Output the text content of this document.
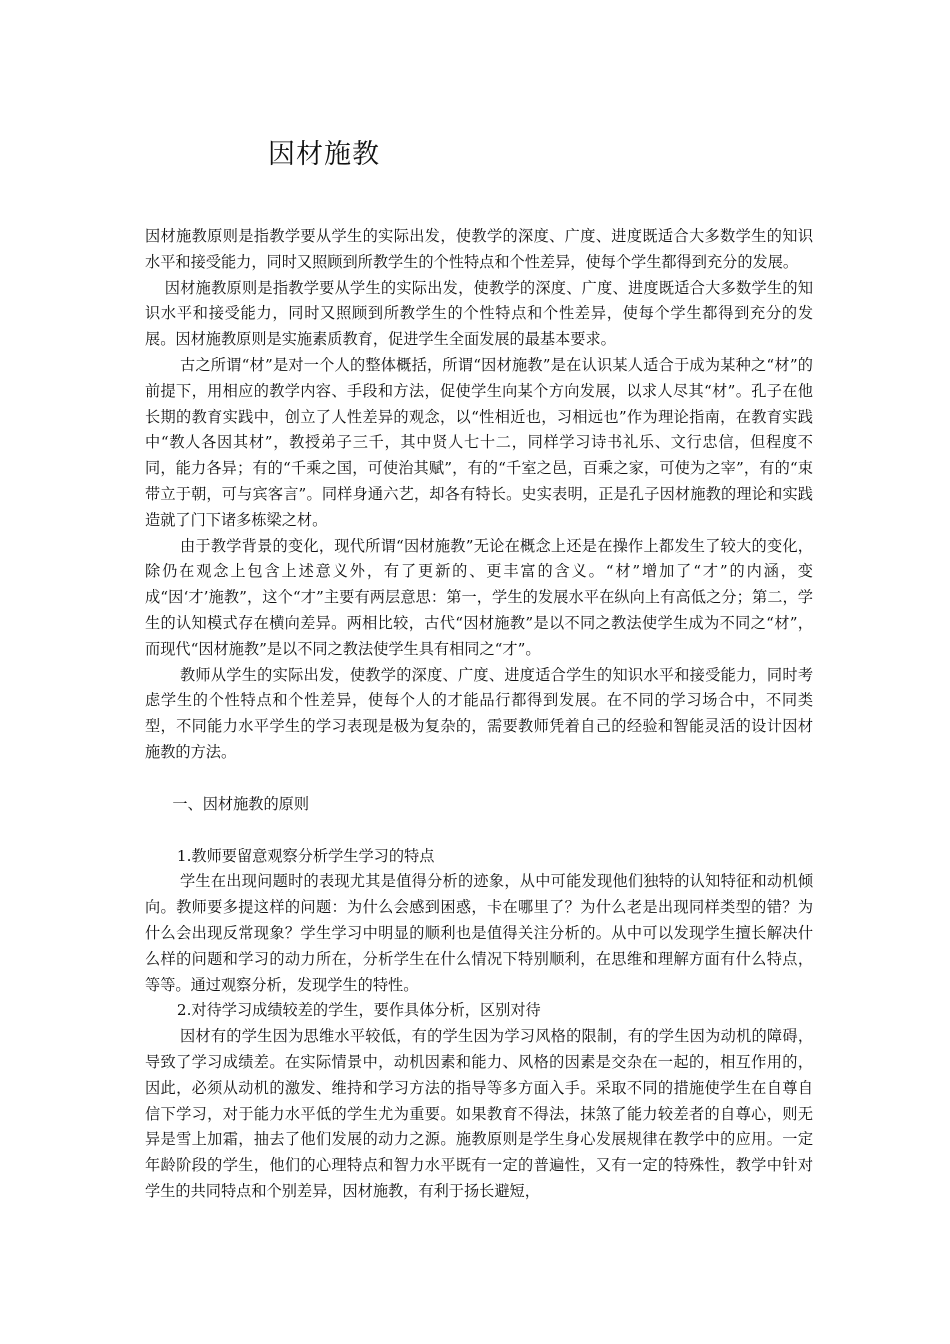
因材施教

因材施教原则是指教学要从学生的实际出发，使教学的深度、广度、进度既适合大多数学生的知识水平和接受能力，同时又照顾到所教学生的个性特点和个性差异，使每个学生都得到充分的发展。

因材施教原则是指教学要从学生的实际出发，使教学的深度、广度、进度既适合大多数学生的知识水平和接受能力，同时又照顾到所教学生的个性特点和个性差异，使每个学生都得到充分的发展。因材施教原则是实施素质教育，促进学生全面发展的最基本要求。

古之所谓“材”是对一个人的整体概括，所谓“因材施教”是在认识某人适合于成为某种之“材”的前提下，用相应的教学内容、手段和方法，促使学生向某个方向发展，以求人尽其“材”。孔子在他长期的教育实践中，创立了人性差异的观念，以“性相近也，习相远也”作为理论指南，在教育实践中“教人各因其材”，教授弟子三千，其中贤人七十二，同样学习诗书礼乐、文行忠信，但程度不同，能力各异；有的“千乘之国，可使治其赋”，有的“千室之邑，百乘之家，可使为之宰”，有的“束带立于朝，可与宾客言”。同样身通六艺，却各有特长。史实表明，正是孔子因材施教的理论和实践造就了门下诸多栋梁之材。

由于教学背景的变化，现代所谓“因材施教”无论在概念上还是在操作上都发生了较大的变化，除仍在观念上包含上述意义外，有了更新的、更丰富的含义。“材”增加了“才”的内涵，变成“因‘才’施教”，这个“才”主要有两层意思：第一，学生的发展水平在纵向上有高低之分；第二，学生的认知模式存在横向差异。两相比较，古代“因材施教”是以不同之教法使学生成为不同之“材”，而现代“因材施教”是以不同之教法使学生具有相同之“才”。

教师从学生的实际出发，使教学的深度、广度、进度适合学生的知识水平和接受能力，同时考虑学生的个性特点和个性差异，使每个人的才能品行都得到发展。在不同的学习场合中，不同类型，不同能力水平学生的学习表现是极为复杂的，需要教师凭着自己的经验和智能灵活的设计因材施教的方法。

一、因材施教的原则

1.教师要留意观察分析学生学习的特点

学生在出现问题时的表现尤其是值得分析的迹象，从中可能发现他们独特的认知特征和动机倾向。教师要多提这样的问题：为什么会感到困惑，卡在哪里了？为什么老是出现同样类型的错？为什么会出现反常现象？学生学习中明显的顺利也是值得关注分析的。从中可以发现学生擅长解决什么样的问题和学习的动力所在，分析学生在什么情况下特别顺利，在思维和理解方面有什么特点，等等。通过观察分析，发现学生的特性。

2.对待学习成绩较差的学生，要作具体分析，区别对待

因材有的学生因为思维水平较低，有的学生因为学习风格的限制，有的学生因为动机的障碍，导致了学习成绩差。在实际情景中，动机因素和能力、风格的因素是交杂在一起的，相互作用的，因此，必须从动机的激发、维持和学习方法的指导等多方面入手。采取不同的措施使学生在自尊自信下学习，对于能力水平低的学生尤为重要。如果教育不得法，抹煞了能力较差者的自尊心，则无异是雪上加霜，抽去了他们发展的动力之源。施教原则是学生身心发展规律在教学中的应用。一定年龄阶段的学生，他们的心理特点和智力水平既有一定的普遍性，又有一定的特殊性，教学中针对学生的共同特点和个别差异，因材施教，有利于扬长避短，
